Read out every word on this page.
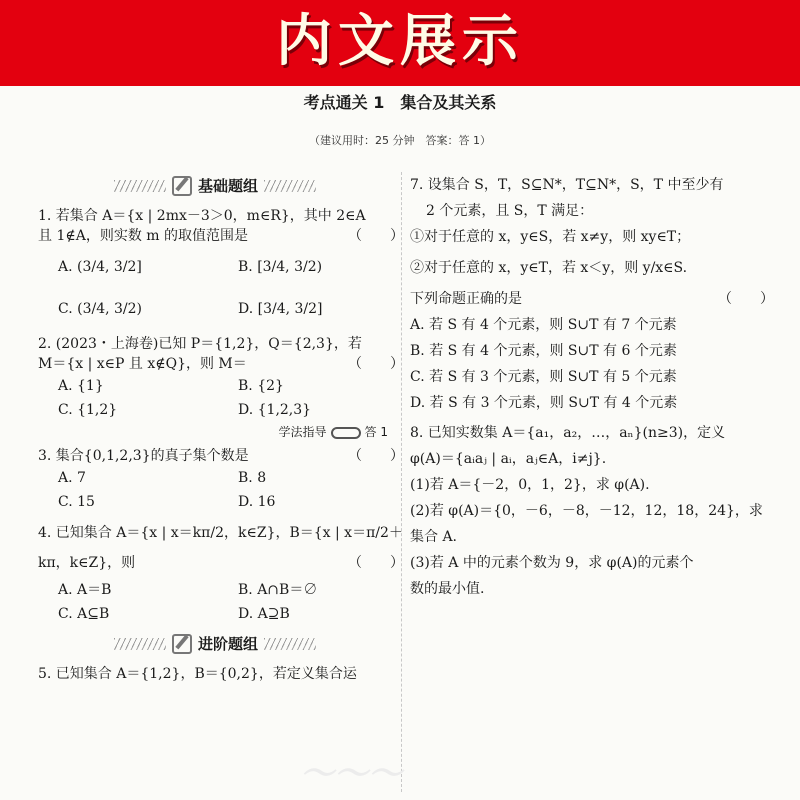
内文展示
考点通关 1　集合及其关系
（建议用时：25 分钟　答案：答 1）
基础题组
1. 若集合 A＝{x | 2mx－3＞0，m∈R}，其中 2∈A
且 1∉A，则实数 m 的取值范围是	（　　）
A. (3/4, 3/2]	B. [3/4, 3/2)
C. (3/4, 3/2)	D. [3/4, 3/2]
2. (2023・上海卷)已知 P＝{1,2}，Q＝{2,3}，若
M＝{x | x∈P 且 x∉Q}，则 M＝	（　　）
A. {1}	B. {2}
C. {1,2}	D. {1,2,3}
学法指导	答 1
3. 集合{0,1,2,3}的真子集个数是	（　　）
A. 7	B. 8
C. 15	D. 16
4. 已知集合 A＝{x | x＝kπ/2，k∈Z}，B＝{x | x＝π/2＋
kπ，k∈Z}，则	（　　）
A. A＝B	B. A∩B＝∅
C. A⊆B	D. A⊇B
进阶题组
5. 已知集合 A＝{1,2}，B＝{0,2}，若定义集合运
7. 设集合 S，T，S⊆N*，T⊆N*，S，T 中至少有
2 个元素，且 S，T 满足：
①对于任意的 x，y∈S，若 x≠y，则 xy∈T；
②对于任意的 x，y∈T，若 x＜y，则 y/x∈S.
下列命题正确的是	（　　）
A. 若 S 有 4 个元素，则 S∪T 有 7 个元素
B. 若 S 有 4 个元素，则 S∪T 有 6 个元素
C. 若 S 有 3 个元素，则 S∪T 有 5 个元素
D. 若 S 有 3 个元素，则 S∪T 有 4 个元素
8. 已知实数集 A＝{a₁，a₂，…，aₙ}(n≥3)，定义
φ(A)＝{aᵢaⱼ | aᵢ，aⱼ∈A，i≠j}.
(1)若 A＝{－2，0，1，2}，求 φ(A).
(2)若 φ(A)＝{0，－6，－8，－12，12，18，24}，求
集合 A.
(3)若 A 中的元素个数为 9，求 φ(A)的元素个
数的最小值.
～～～
